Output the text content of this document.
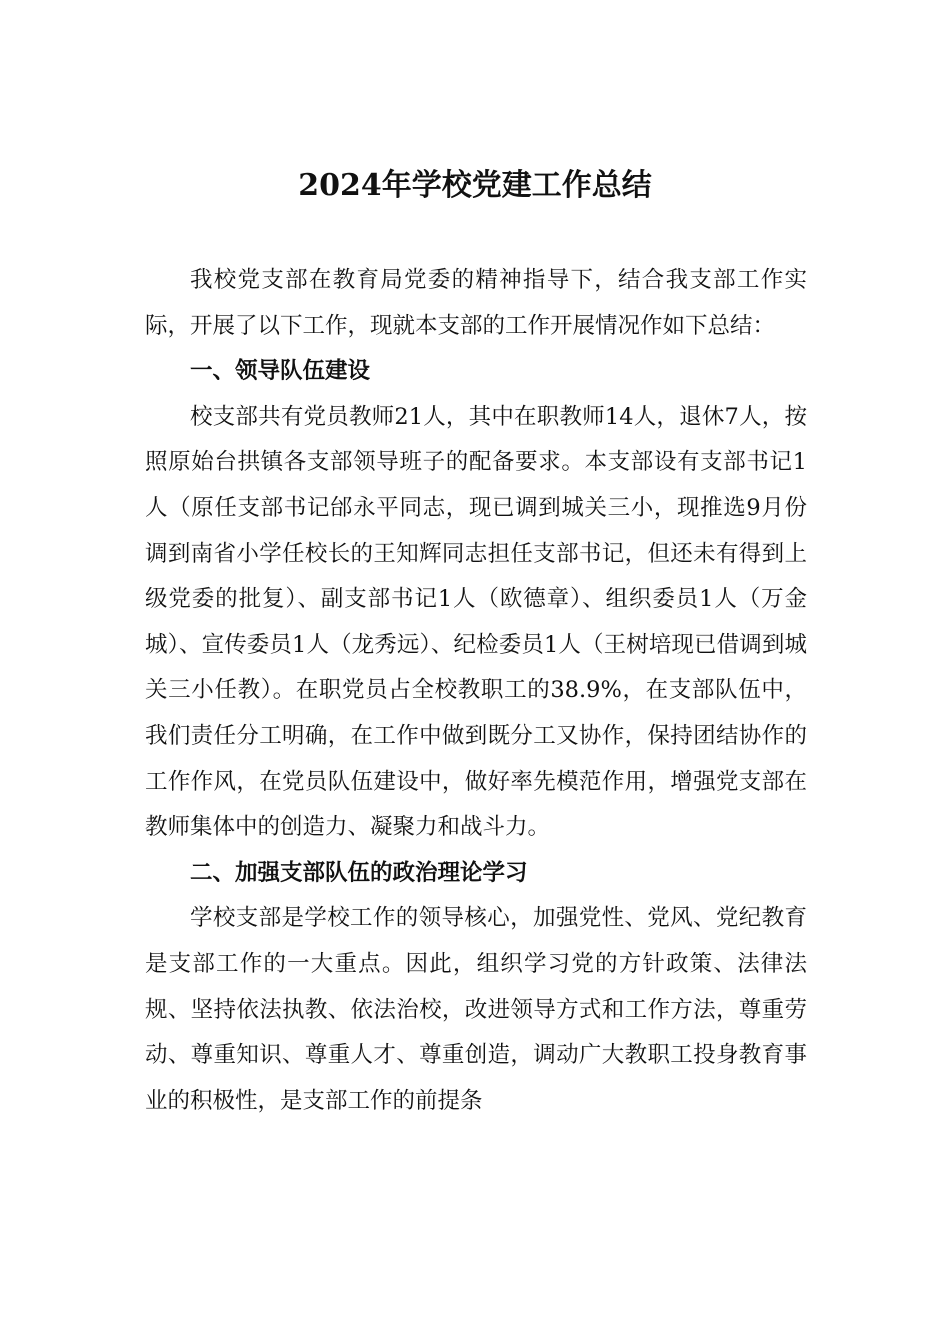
2024年学校党建工作总结

我校党支部在教育局党委的精神指导下，结合我支部工作实际，开展了以下工作，现就本支部的工作开展情况作如下总结：

一、领导队伍建设

校支部共有党员教师21人，其中在职教师14人，退休7人，按照原始台拱镇各支部领导班子的配备要求。本支部设有支部书记1人（原任支部书记邰永平同志，现已调到城关三小，现推选9月份调到南省小学任校长的王知辉同志担任支部书记，但还未有得到上级党委的批复）、副支部书记1人（欧德章）、组织委员1人（万金城）、宣传委员1人（龙秀远）、纪检委员1人（王树培现已借调到城关三小任教）。在职党员占全校教职工的38.9%，在支部队伍中，我们责任分工明确，在工作中做到既分工又协作，保持团结协作的工作作风，在党员队伍建设中，做好率先模范作用，增强党支部在教师集体中的创造力、凝聚力和战斗力。

二、加强支部队伍的政治理论学习

学校支部是学校工作的领导核心，加强党性、党风、党纪教育是支部工作的一大重点。因此，组织学习党的方针政策、法律法规、坚持依法执教、依法治校，改进领导方式和工作方法，尊重劳动、尊重知识、尊重人才、尊重创造，调动广大教职工投身教育事业的积极性，是支部工作的前提条
